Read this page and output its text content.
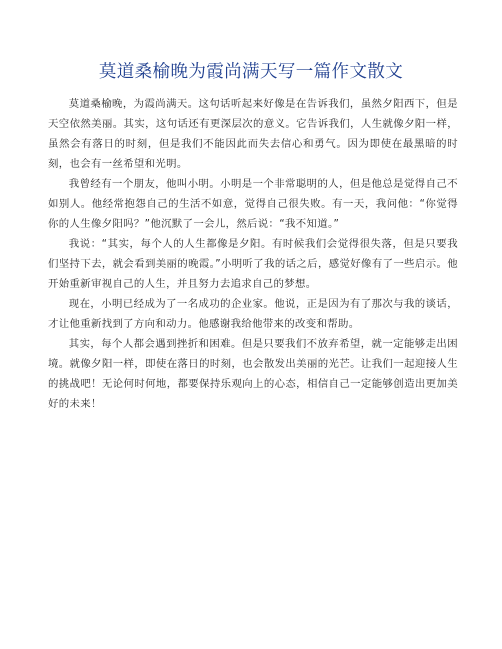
莫道桑榆晚为霞尚满天写一篇作文散文

莫道桑榆晚，为霞尚满天。这句话听起来好像是在告诉我们，虽然夕阳西下，但是天空依然美丽。其实，这句话还有更深层次的意义。它告诉我们，人生就像夕阳一样，虽然会有落日的时刻，但是我们不能因此而失去信心和勇气。因为即使在最黑暗的时刻，也会有一丝希望和光明。

我曾经有一个朋友，他叫小明。小明是一个非常聪明的人，但是他总是觉得自己不如别人。他经常抱怨自己的生活不如意，觉得自己很失败。有一天，我问他：“你觉得你的人生像夕阳吗？”他沉默了一会儿，然后说：“我不知道。”

我说：“其实，每个人的人生都像是夕阳。有时候我们会觉得很失落，但是只要我们坚持下去，就会看到美丽的晚霞。”小明听了我的话之后，感觉好像有了一些启示。他开始重新审视自己的人生，并且努力去追求自己的梦想。

现在，小明已经成为了一名成功的企业家。他说，正是因为有了那次与我的谈话，才让他重新找到了方向和动力。他感谢我给他带来的改变和帮助。

其实，每个人都会遇到挫折和困难。但是只要我们不放弃希望，就一定能够走出困境。就像夕阳一样，即使在落日的时刻，也会散发出美丽的光芒。让我们一起迎接人生的挑战吧！无论何时何地，都要保持乐观向上的心态，相信自己一定能够创造出更加美好的未来！
